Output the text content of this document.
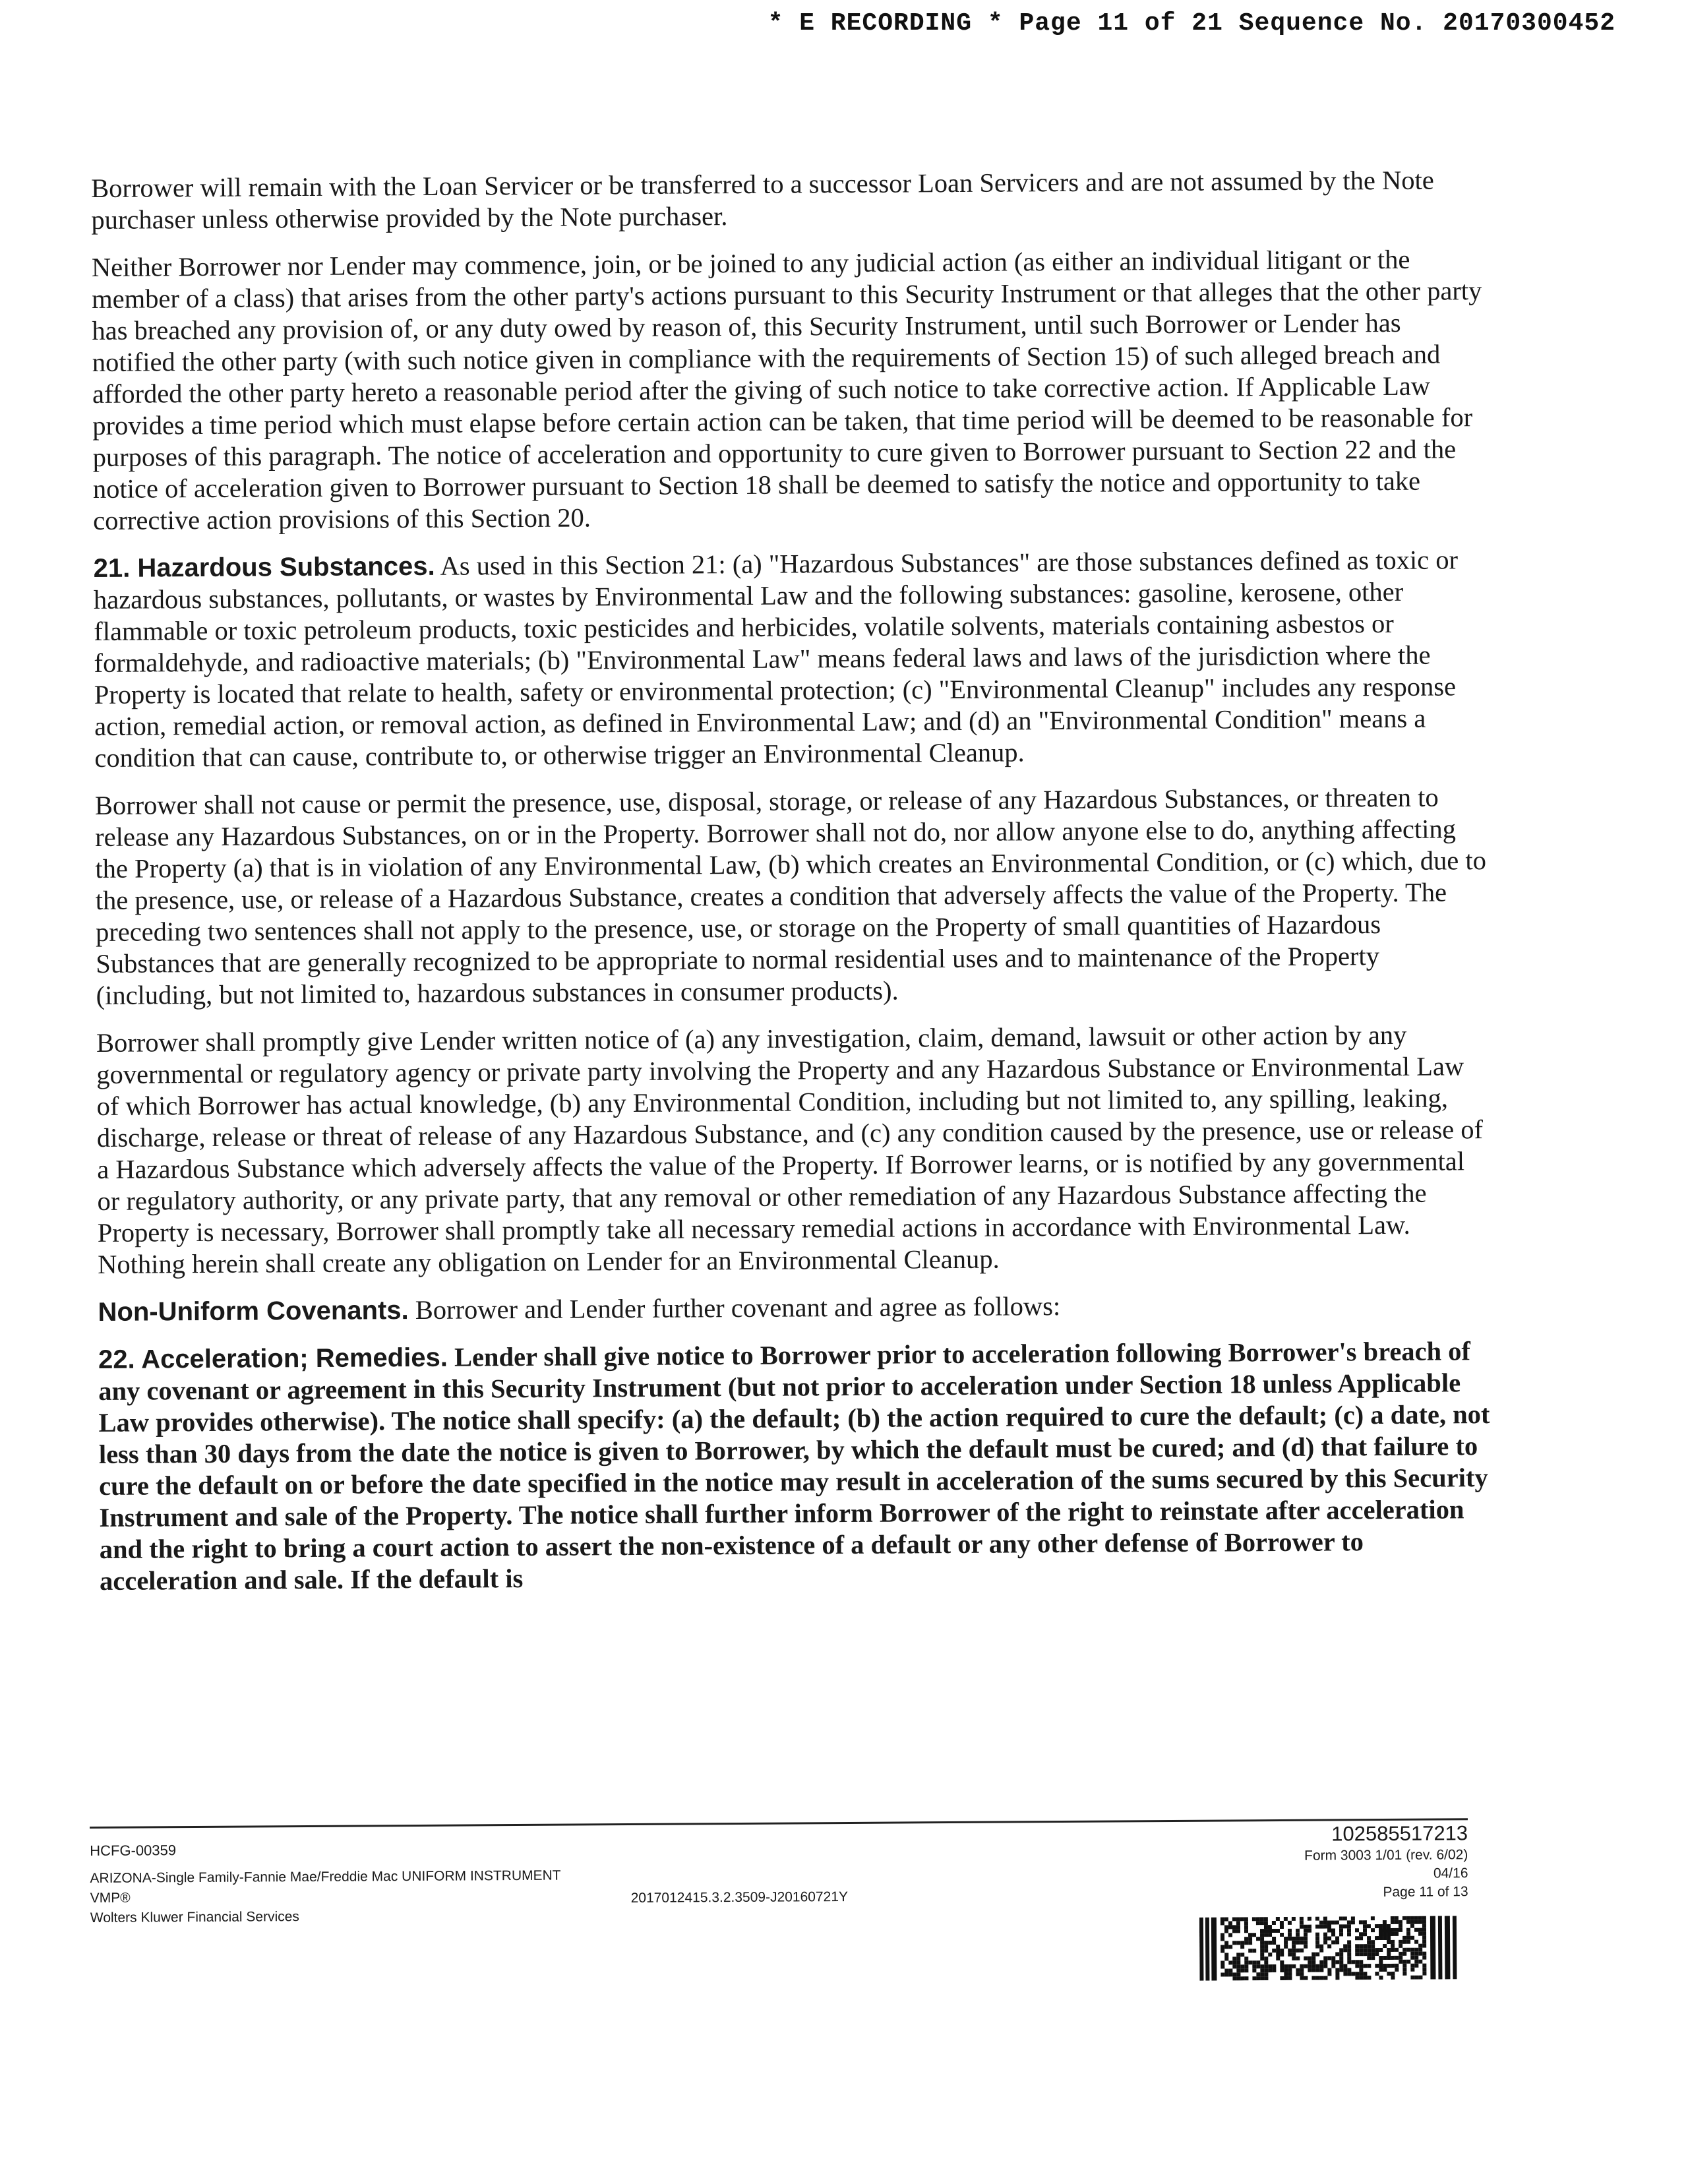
* E RECORDING * Page 11 of 21 Sequence No. 20170300452

Borrower will remain with the Loan Servicer or be transferred to a successor Loan Servicers and are not assumed by the Note purchaser unless otherwise provided by the Note purchaser.

Neither Borrower nor Lender may commence, join, or be joined to any judicial action (as either an individual litigant or the member of a class) that arises from the other party's actions pursuant to this Security Instrument or that alleges that the other party has breached any provision of, or any duty owed by reason of, this Security Instrument, until such Borrower or Lender has notified the other party (with such notice given in compliance with the requirements of Section 15) of such alleged breach and afforded the other party hereto a reasonable period after the giving of such notice to take corrective action. If Applicable Law provides a time period which must elapse before certain action can be taken, that time period will be deemed to be reasonable for purposes of this paragraph. The notice of acceleration and opportunity to cure given to Borrower pursuant to Section 22 and the notice of acceleration given to Borrower pursuant to Section 18 shall be deemed to satisfy the notice and opportunity to take corrective action provisions of this Section 20.

21. Hazardous Substances. As used in this Section 21: (a) "Hazardous Substances" are those substances defined as toxic or hazardous substances, pollutants, or wastes by Environmental Law and the following substances: gasoline, kerosene, other flammable or toxic petroleum products, toxic pesticides and herbicides, volatile solvents, materials containing asbestos or formaldehyde, and radioactive materials; (b) "Environmental Law" means federal laws and laws of the jurisdiction where the Property is located that relate to health, safety or environmental protection; (c) "Environmental Cleanup" includes any response action, remedial action, or removal action, as defined in Environmental Law; and (d) an "Environmental Condition" means a condition that can cause, contribute to, or otherwise trigger an Environmental Cleanup.

Borrower shall not cause or permit the presence, use, disposal, storage, or release of any Hazardous Substances, or threaten to release any Hazardous Substances, on or in the Property. Borrower shall not do, nor allow anyone else to do, anything affecting the Property (a) that is in violation of any Environmental Law, (b) which creates an Environmental Condition, or (c) which, due to the presence, use, or release of a Hazardous Substance, creates a condition that adversely affects the value of the Property. The preceding two sentences shall not apply to the presence, use, or storage on the Property of small quantities of Hazardous Substances that are generally recognized to be appropriate to normal residential uses and to maintenance of the Property (including, but not limited to, hazardous substances in consumer products).

Borrower shall promptly give Lender written notice of (a) any investigation, claim, demand, lawsuit or other action by any governmental or regulatory agency or private party involving the Property and any Hazardous Substance or Environmental Law of which Borrower has actual knowledge, (b) any Environmental Condition, including but not limited to, any spilling, leaking, discharge, release or threat of release of any Hazardous Substance, and (c) any condition caused by the presence, use or release of a Hazardous Substance which adversely affects the value of the Property. If Borrower learns, or is notified by any governmental or regulatory authority, or any private party, that any removal or other remediation of any Hazardous Substance affecting the Property is necessary, Borrower shall promptly take all necessary remedial actions in accordance with Environmental Law. Nothing herein shall create any obligation on Lender for an Environmental Cleanup.

Non-Uniform Covenants. Borrower and Lender further covenant and agree as follows:

22. Acceleration; Remedies. Lender shall give notice to Borrower prior to acceleration following Borrower's breach of any covenant or agreement in this Security Instrument (but not prior to acceleration under Section 18 unless Applicable Law provides otherwise). The notice shall specify: (a) the default; (b) the action required to cure the default; (c) a date, not less than 30 days from the date the notice is given to Borrower, by which the default must be cured; and (d) that failure to cure the default on or before the date specified in the notice may result in acceleration of the sums secured by this Security Instrument and sale of the Property. The notice shall further inform Borrower of the right to reinstate after acceleration and the right to bring a court action to assert the non-existence of a default or any other defense of Borrower to acceleration and sale. If the default is

HCFG-00359
ARIZONA-Single Family-Fannie Mae/Freddie Mac UNIFORM INSTRUMENT
VMP®
Wolters Kluwer Financial Services
2017012415.3.2.3509-J20160721Y
102585517213
Form 3003 1/01 (rev. 6/02)
04/16
Page 11 of 13
